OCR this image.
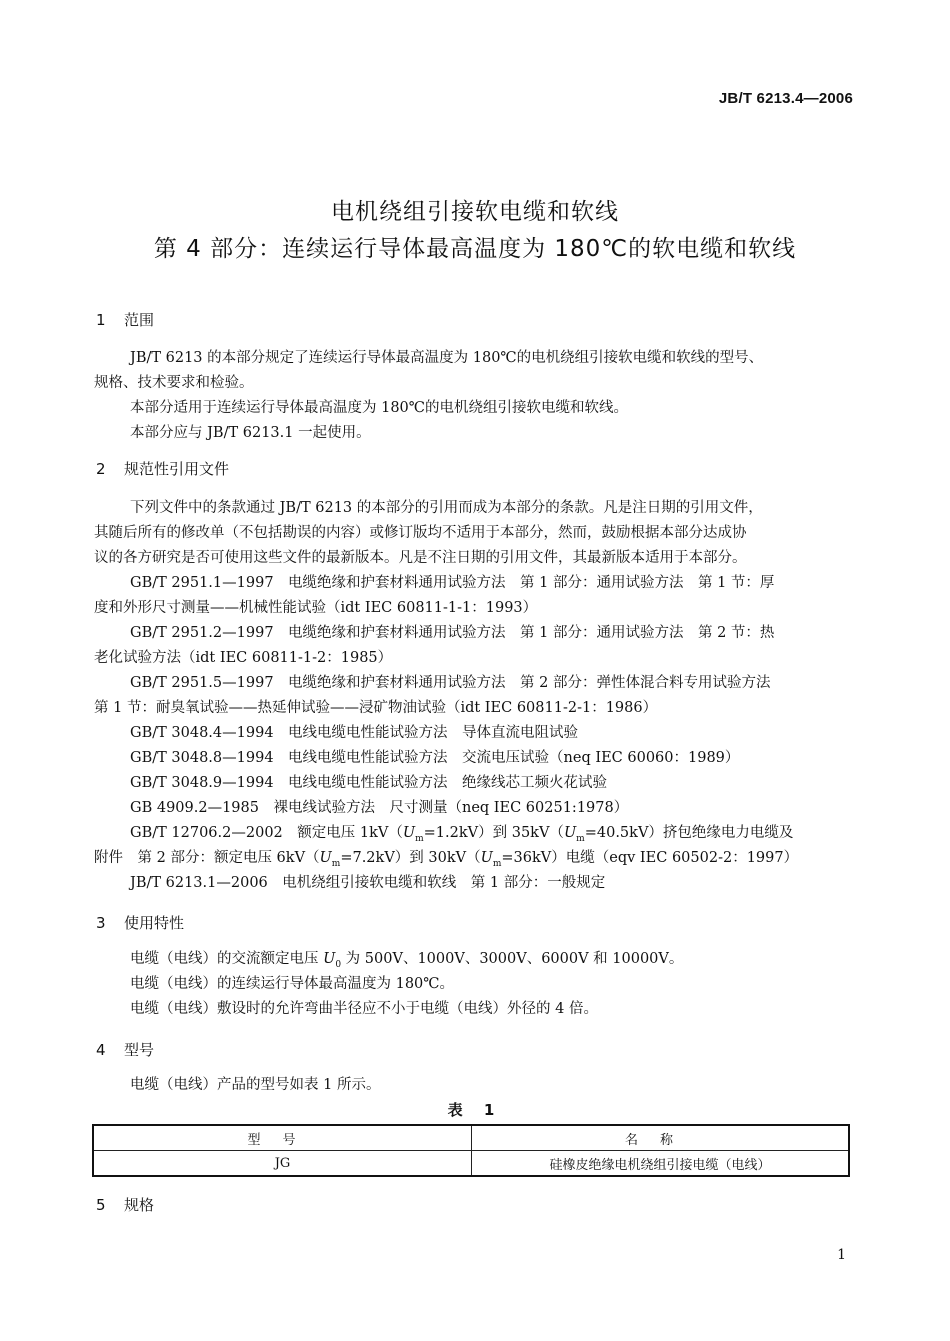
JB/T 6213.4—2006
电机绕组引接软电缆和软线
第 4 部分：连续运行导体最高温度为 180℃的软电缆和软线
1 范围
JB/T 6213 的本部分规定了连续运行导体最高温度为 180℃的电机绕组引接软电缆和软线的型号、
规格、技术要求和检验。
本部分适用于连续运行导体最高温度为 180℃的电机绕组引接软电缆和软线。
本部分应与 JB/T 6213.1 一起使用。
2 规范性引用文件
下列文件中的条款通过 JB/T 6213 的本部分的引用而成为本部分的条款。凡是注日期的引用文件，
其随后所有的修改单（不包括勘误的内容）或修订版均不适用于本部分，然而，鼓励根据本部分达成协
议的各方研究是否可使用这些文件的最新版本。凡是不注日期的引用文件，其最新版本适用于本部分。
GB/T 2951.1—1997　电缆绝缘和护套材料通用试验方法　第 1 部分：通用试验方法　第 1 节：厚
度和外形尺寸测量——机械性能试验（idt IEC 60811-1-1：1993）
GB/T 2951.2—1997　电缆绝缘和护套材料通用试验方法　第 1 部分：通用试验方法　第 2 节：热
老化试验方法（idt IEC 60811-1-2：1985）
GB/T 2951.5—1997　电缆绝缘和护套材料通用试验方法　第 2 部分：弹性体混合料专用试验方法
第 1 节：耐臭氧试验——热延伸试验——浸矿物油试验（idt IEC 60811-2-1：1986）
GB/T 3048.4—1994　电线电缆电性能试验方法　导体直流电阻试验
GB/T 3048.8—1994　电线电缆电性能试验方法　交流电压试验（neq IEC 60060：1989）
GB/T 3048.9—1994　电线电缆电性能试验方法　绝缘线芯工频火花试验
GB 4909.2—1985　裸电线试验方法　尺寸测量（neq IEC 60251:1978）
GB/T 12706.2—2002　额定电压 $1kV(U_m=1.2kV)$到 $35kV(U_m=40.5kV)$挤包绝缘电力电缆及
附件　第 2 部分：额定电压 $6kV(U_m=7.2kV)$到 $30kV(U_m=36kV)$电缆（eqv IEC 60502-2：1997）
JB/T 6213.1—2006　电机绕组引接软电缆和软线　第 1 部分：一般规定
3 使用特性
电缆（电线）的交流额定电压 $U_0$ 为 500V、1000V、3000V、6000V 和 10000V。
电缆（电线）的连续运行导体最高温度为 180℃。
电缆（电线）敷设时的允许弯曲半径应不小于电缆（电线）外径的 4 倍。
4 型号
电缆（电线）产品的型号如表 1 所示。
表 1
型号	名称
JG	硅橡皮绝缘电机绕组引接电缆（电线）
5 规格
1
